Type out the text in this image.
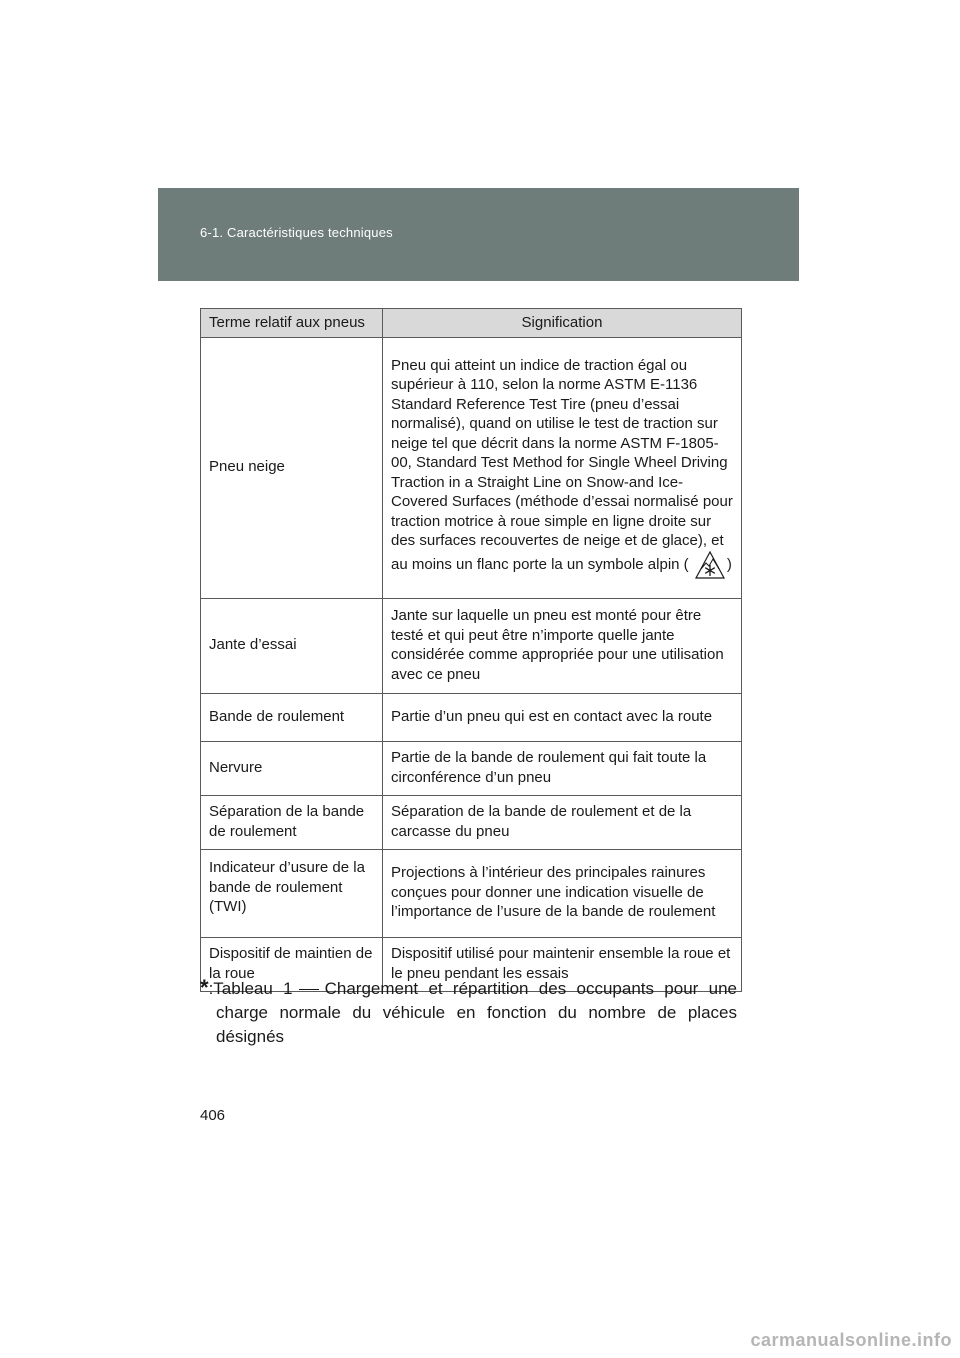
6-1. Caractéristiques techniques
Terme relatif aux pneus	Signification
Pneu neige	Pneu qui atteint un indice de traction égal ou supérieur à 110, selon la norme ASTM E-1136 Standard Reference Test Tire (pneu d’essai normalisé), quand on utilise le test de traction sur neige tel que décrit dans la norme ASTM F-1805-00, Standard Test Method for Single Wheel Driving Traction in a Straight Line on Snow-and Ice-Covered Surfaces (méthode d’essai normalisé pour traction motrice à roue simple en ligne droite sur des surfaces recouvertes de neige et de glace), et au moins un flanc porte la un symbole alpin ( )
Jante d’essai	Jante sur laquelle un pneu est monté pour être testé et qui peut être n’importe quelle jante considérée comme appropriée pour une utilisation avec ce pneu
Bande de roulement	Partie d’un pneu qui est en contact avec la route
Nervure	Partie de la bande de roulement qui fait toute la circonférence d’un pneu
Séparation de la bande de roulement	Séparation de la bande de roulement et de la carcasse du pneu
Indicateur d’usure de la bande de roulement (TWI)	Projections à l’intérieur des principales rainures conçues pour donner une indication visuelle de l’importance de l’usure de la bande de roulement
Dispositif de maintien de la roue	Dispositif utilisé pour maintenir ensemble la roue et le pneu pendant les essais
*:Tableau 1 Chargement et répartition des occupants pour une
charge normale du véhicule en fonction du nombre de places
désignés
406
carmanualsonline.info
